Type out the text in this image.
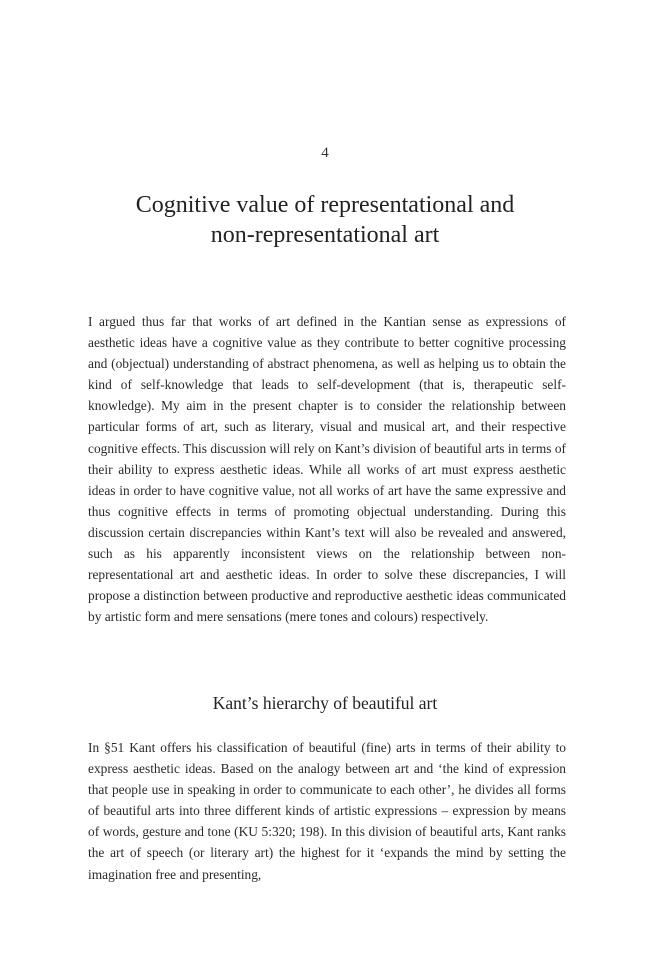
4
Cognitive value of representational and
non-representational art

I argued thus far that works of art defined in the Kantian sense as expressions of aesthetic ideas have a cognitive value as they contribute to better cognitive processing and (objectual) understanding of abstract phenomena, as well as helping us to obtain the kind of self-knowledge that leads to self-development (that is, therapeutic self-knowledge). My aim in the present chapter is to consider the relationship between particular forms of art, such as literary, visual and musical art, and their respective cognitive effects. This discussion will rely on Kant’s division of beautiful arts in terms of their ability to express aesthetic ideas. While all works of art must express aesthetic ideas in order to have cognitive value, not all works of art have the same expressive and thus cognitive effects in terms of promoting objectual understanding. During this discussion certain discrepancies within Kant’s text will also be revealed and answered, such as his apparently inconsistent views on the relationship between non-representational art and aesthetic ideas. In order to solve these discrepancies, I will propose a distinction between productive and reproductive aesthetic ideas communicated by artistic form and mere sensations (mere tones and colours) respectively.

Kant’s hierarchy of beautiful art

In §51 Kant offers his classification of beautiful (fine) arts in terms of their ability to express aesthetic ideas. Based on the analogy between art and ‘the kind of expression that people use in speaking in order to communicate to each other’, he divides all forms of beautiful arts into three different kinds of artistic expressions – expression by means of words, gesture and tone (KU 5:320; 198). In this division of beautiful arts, Kant ranks the art of speech (or literary art) the highest for it ‘expands the mind by setting the imagination free and presenting,
